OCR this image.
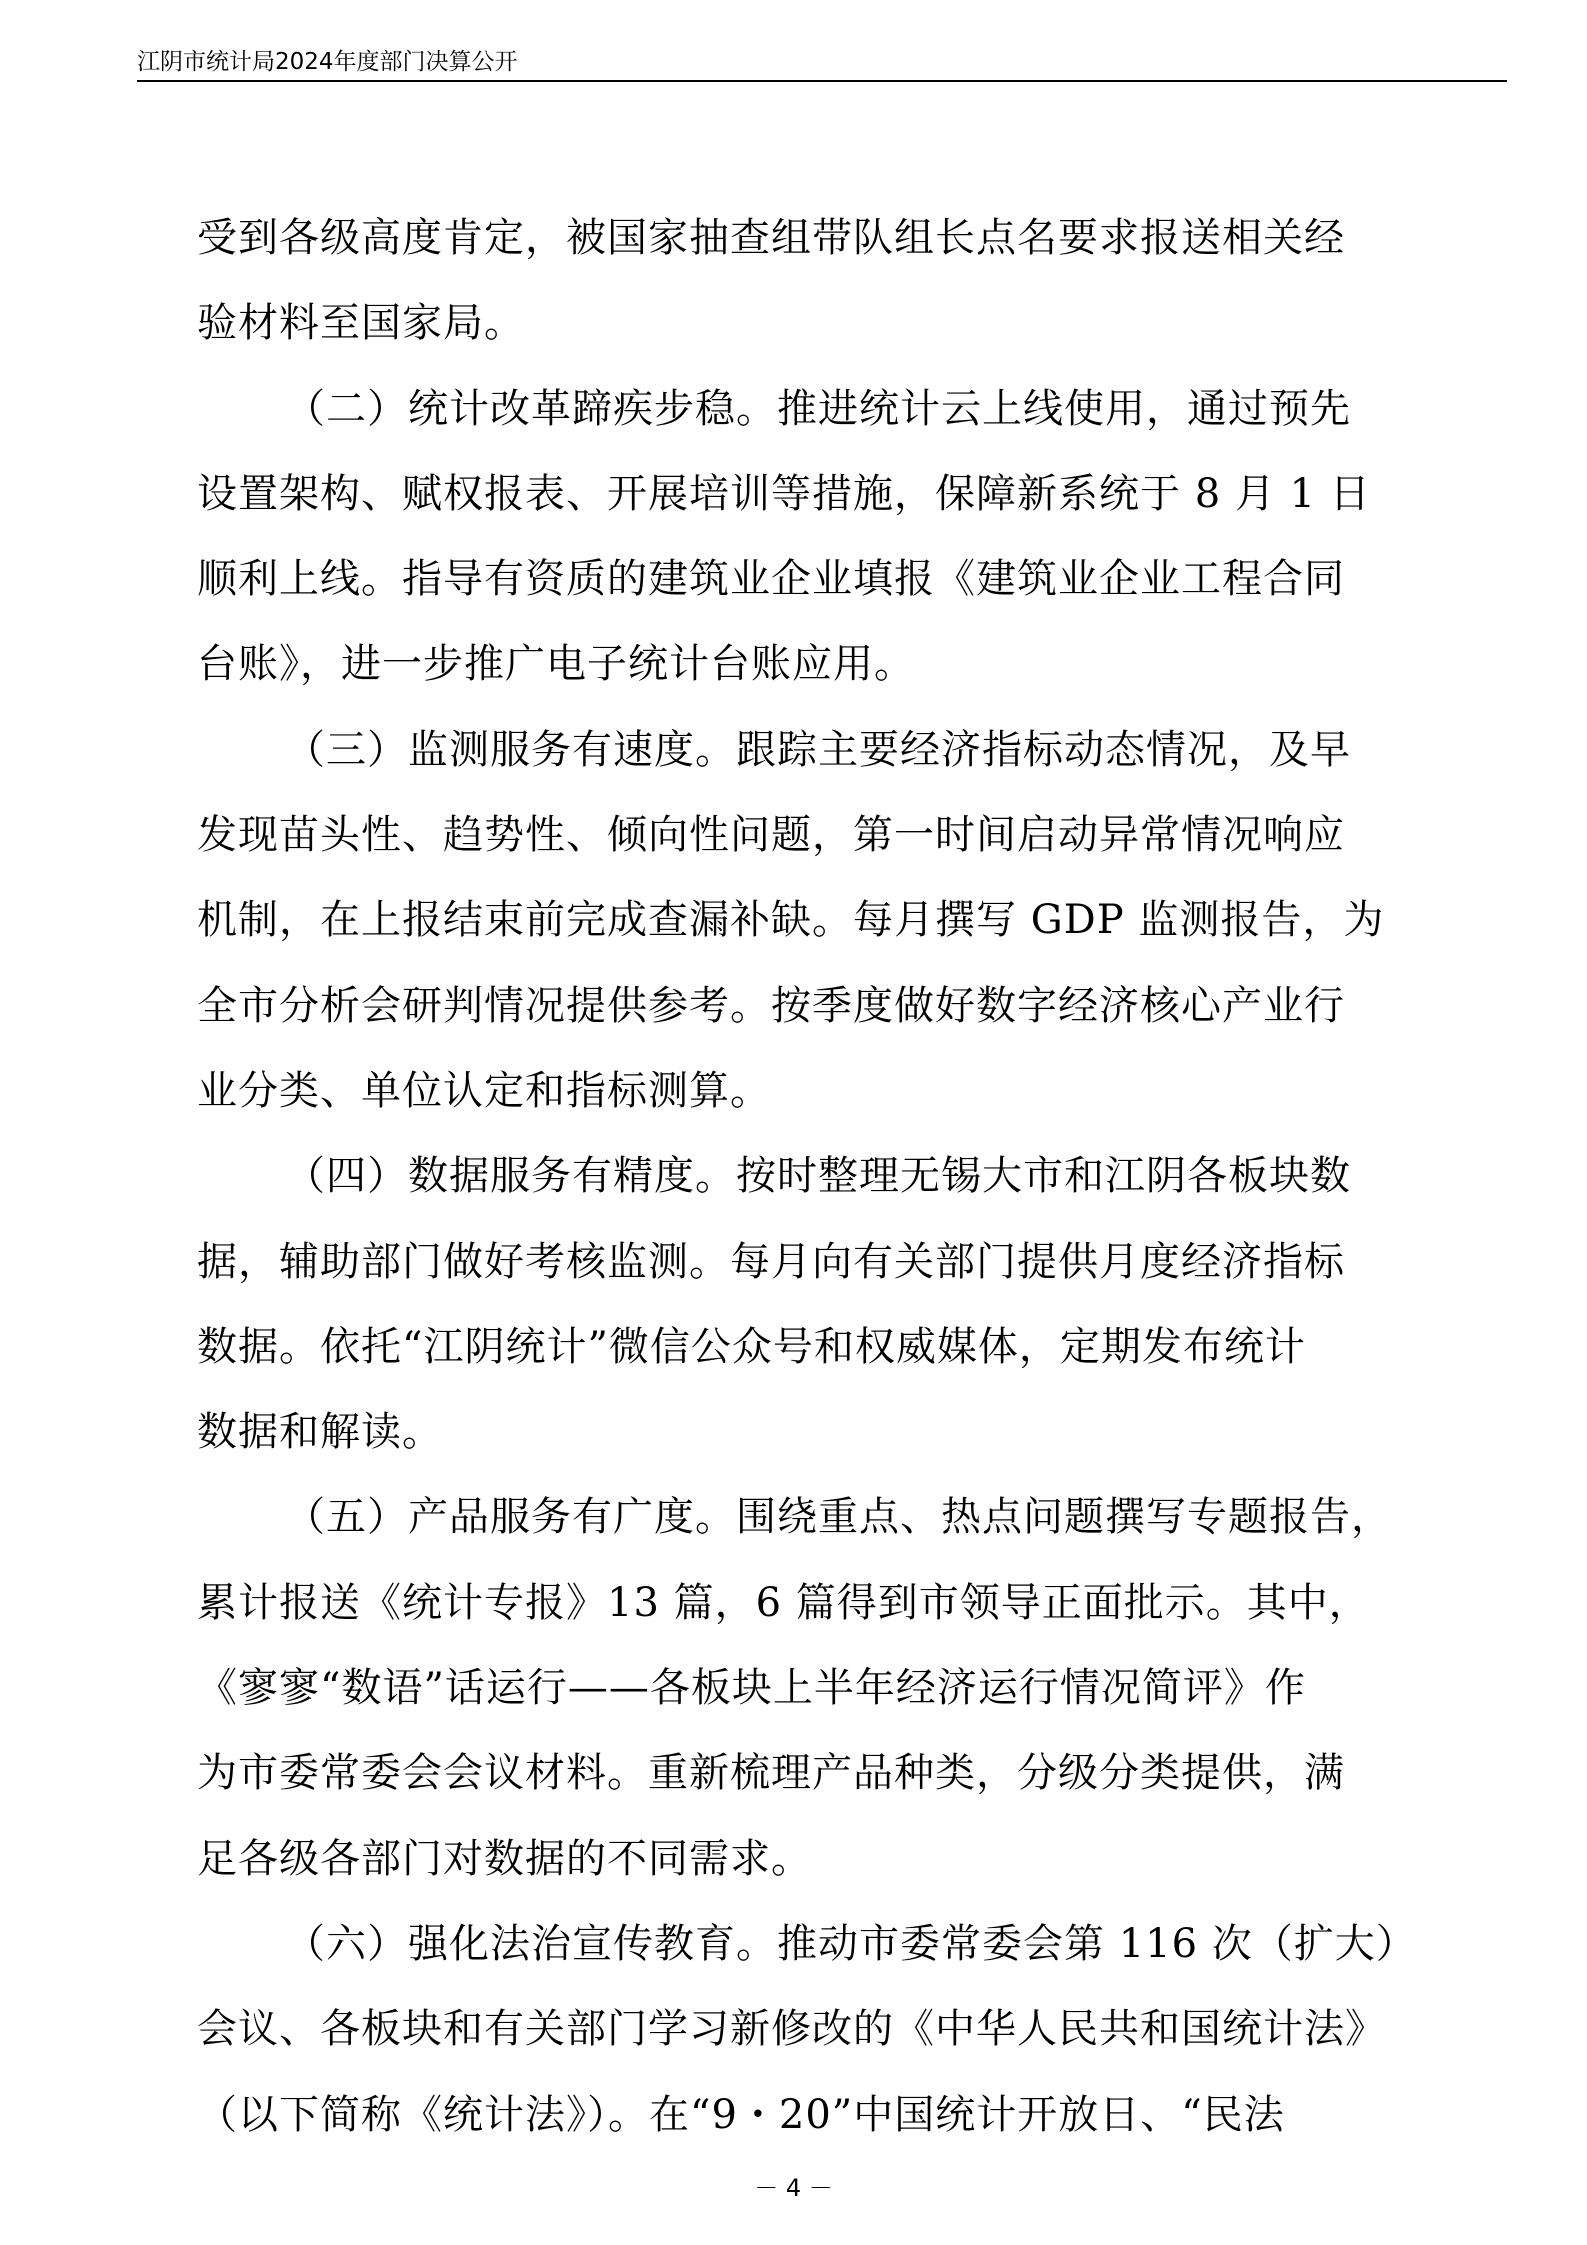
江阴市统计局2024年度部门决算公开
受到各级高度肯定，被国家抽查组带队组长点名要求报送相关经
验材料至国家局。
（二）统计改革蹄疾步稳。推进统计云上线使用，通过预先
设置架构、赋权报表、开展培训等措施，保障新系统于 8 月 1 日
顺利上线。指导有资质的建筑业企业填报《建筑业企业工程合同
台账》，进一步推广电子统计台账应用。
（三）监测服务有速度。跟踪主要经济指标动态情况，及早
发现苗头性、趋势性、倾向性问题，第一时间启动异常情况响应
机制，在上报结束前完成查漏补缺。每月撰写 GDP 监测报告，为
全市分析会研判情况提供参考。按季度做好数字经济核心产业行
业分类、单位认定和指标测算。
（四）数据服务有精度。按时整理无锡大市和江阴各板块数
据，辅助部门做好考核监测。每月向有关部门提供月度经济指标
数据。依托“江阴统计”微信公众号和权威媒体，定期发布统计
数据和解读。
（五）产品服务有广度。围绕重点、热点问题撰写专题报告，
累计报送《统计专报》13 篇，6 篇得到市领导正面批示。其中，
《寥寥“数语”话运行——各板块上半年经济运行情况简评》作
为市委常委会会议材料。重新梳理产品种类，分级分类提供，满
足各级各部门对数据的不同需求。
（六）强化法治宣传教育。推动市委常委会第 116 次（扩大）
会议、各板块和有关部门学习新修改的《中华人民共和国统计法》
（以下简称《统计法》）。在“9・20”中国统计开放日、“民法
－ 4 －
